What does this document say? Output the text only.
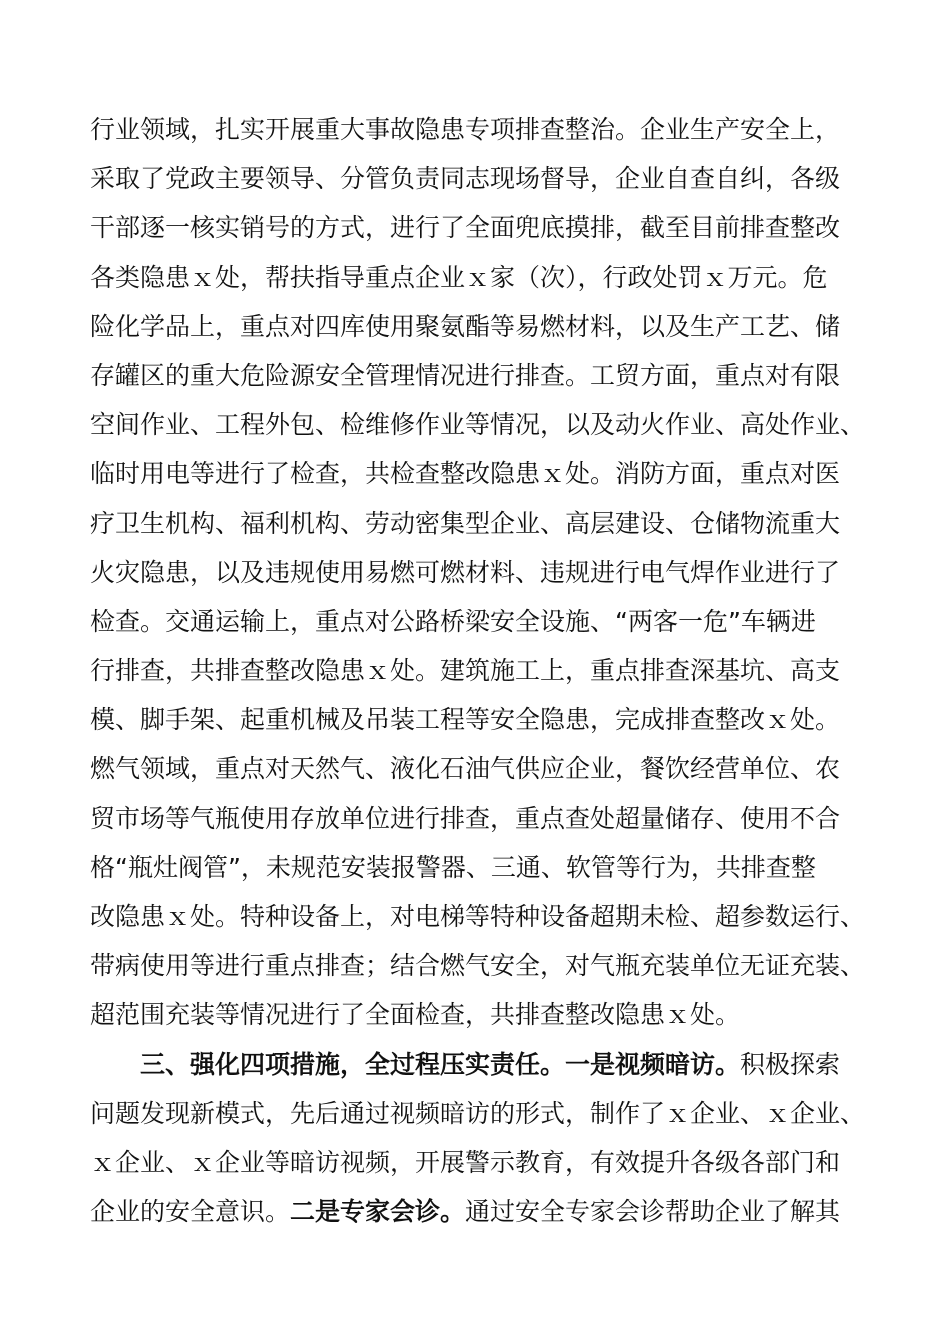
行业领域，扎实开展重大事故隐患专项排查整治。企业生产安全上，
采取了党政主要领导、分管负责同志现场督导，企业自查自纠，各级
干部逐一核实销号的方式，进行了全面兜底摸排，截至目前排查整改
各类隐患ｘ处，帮扶指导重点企业ｘ家（次），行政处罚ｘ万元。危
险化学品上，重点对四库使用聚氨酯等易燃材料，以及生产工艺、储
存罐区的重大危险源安全管理情况进行排查。工贸方面，重点对有限
空间作业、工程外包、检维修作业等情况，以及动火作业、高处作业、
临时用电等进行了检查，共检查整改隐患ｘ处。消防方面，重点对医
疗卫生机构、福利机构、劳动密集型企业、高层建设、仓储物流重大
火灾隐患，以及违规使用易燃可燃材料、违规进行电气焊作业进行了
检查。交通运输上，重点对公路桥梁安全设施、“两客一危”车辆进
行排查，共排查整改隐患ｘ处。建筑施工上，重点排查深基坑、高支
模、脚手架、起重机械及吊装工程等安全隐患，完成排查整改ｘ处。
燃气领域，重点对天然气、液化石油气供应企业，餐饮经营单位、农
贸市场等气瓶使用存放单位进行排查，重点查处超量储存、使用不合
格“瓶灶阀管”，未规范安装报警器、三通、软管等行为，共排查整
改隐患ｘ处。特种设备上，对电梯等特种设备超期未检、超参数运行、
带病使用等进行重点排查；结合燃气安全，对气瓶充装单位无证充装、
超范围充装等情况进行了全面检查，共排查整改隐患ｘ处。
三、强化四项措施，全过程压实责任。一是视频暗访。积极探索
问题发现新模式，先后通过视频暗访的形式，制作了ｘ企业、ｘ企业、
ｘ企业、ｘ企业等暗访视频，开展警示教育，有效提升各级各部门和
企业的安全意识。二是专家会诊。通过安全专家会诊帮助企业了解其
